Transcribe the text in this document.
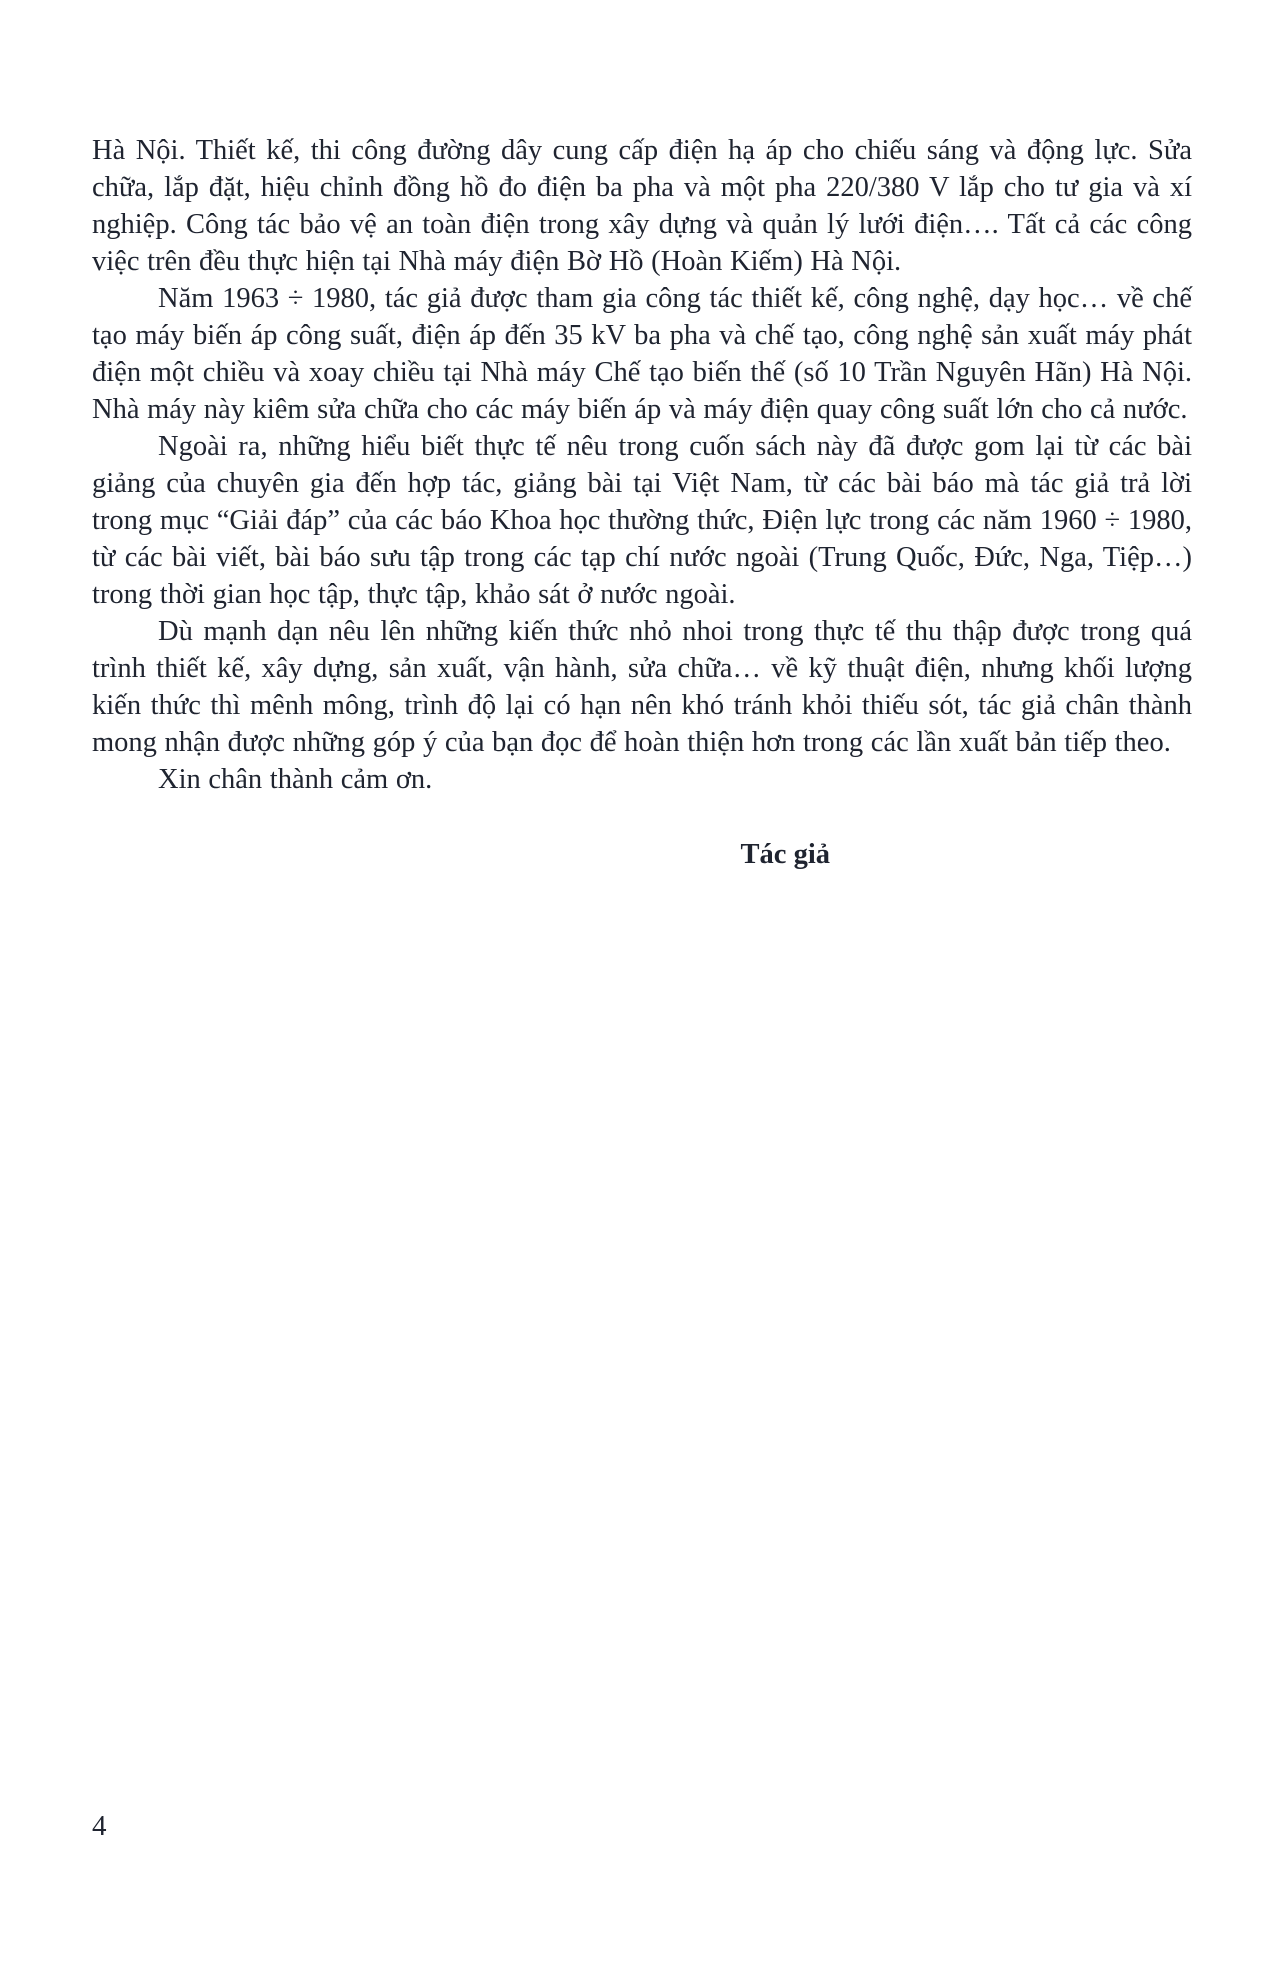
Hà Nội. Thiết kế, thi công đường dây cung cấp điện hạ áp cho chiếu sáng và động lực. Sửa chữa, lắp đặt, hiệu chỉnh đồng hồ đo điện ba pha và một pha 220/380 V lắp cho tư gia và xí nghiệp. Công tác bảo vệ an toàn điện trong xây dựng và quản lý lưới điện…. Tất cả các công việc trên đều thực hiện tại Nhà máy điện Bờ Hồ (Hoàn Kiếm) Hà Nội.

Năm 1963 ÷ 1980, tác giả được tham gia công tác thiết kế, công nghệ, dạy học… về chế tạo máy biến áp công suất, điện áp đến 35 kV ba pha và chế tạo, công nghệ sản xuất máy phát điện một chiều và xoay chiều tại Nhà máy Chế tạo biến thế (số 10 Trần Nguyên Hãn) Hà Nội. Nhà máy này kiêm sửa chữa cho các máy biến áp và máy điện quay công suất lớn cho cả nước.

Ngoài ra, những hiểu biết thực tế nêu trong cuốn sách này đã được gom lại từ các bài giảng của chuyên gia đến hợp tác, giảng bài tại Việt Nam, từ các bài báo mà tác giả trả lời trong mục “Giải đáp” của các báo Khoa học thường thức, Điện lực trong các năm 1960 ÷ 1980, từ các bài viết, bài báo sưu tập trong các tạp chí nước ngoài (Trung Quốc, Đức, Nga, Tiệp…) trong thời gian học tập, thực tập, khảo sát ở nước ngoài.

Dù mạnh dạn nêu lên những kiến thức nhỏ nhoi trong thực tế thu thập được trong quá trình thiết kế, xây dựng, sản xuất, vận hành, sửa chữa… về kỹ thuật điện, nhưng khối lượng kiến thức thì mênh mông, trình độ lại có hạn nên khó tránh khỏi thiếu sót, tác giả chân thành mong nhận được những góp ý của bạn đọc để hoàn thiện hơn trong các lần xuất bản tiếp theo.

Xin chân thành cảm ơn.

Tác giả

4
